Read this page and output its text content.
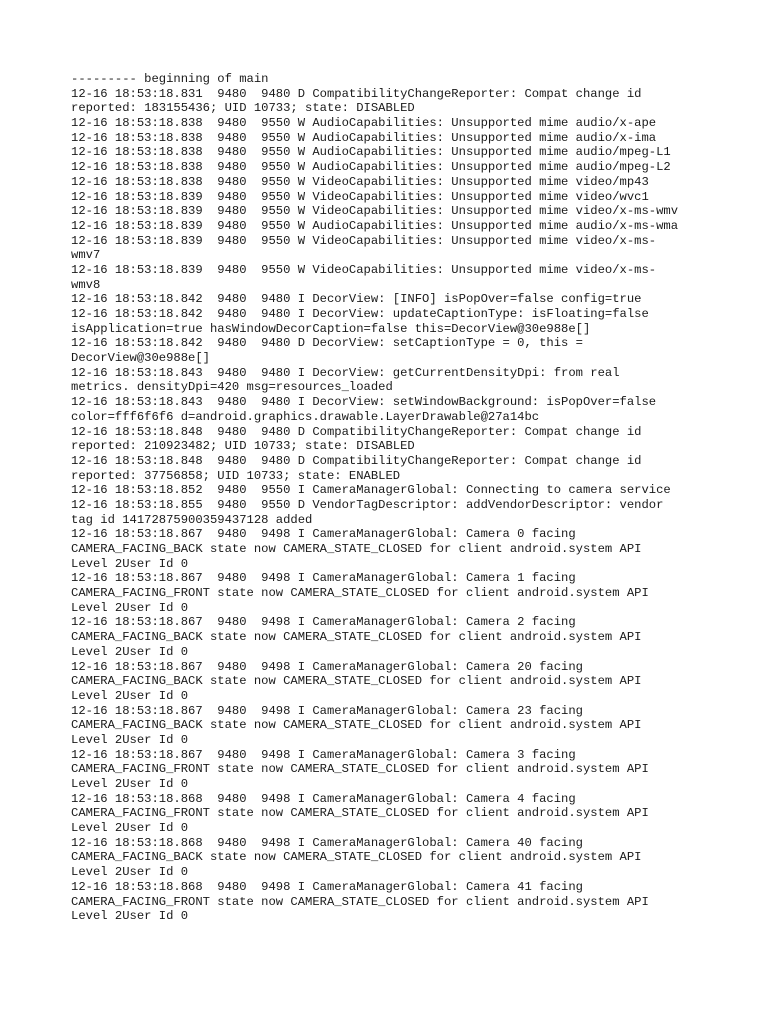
--------- beginning of main
12-16 18:53:18.831  9480  9480 D CompatibilityChangeReporter: Compat change id
reported: 183155436; UID 10733; state: DISABLED
12-16 18:53:18.838  9480  9550 W AudioCapabilities: Unsupported mime audio/x-ape
12-16 18:53:18.838  9480  9550 W AudioCapabilities: Unsupported mime audio/x-ima
12-16 18:53:18.838  9480  9550 W AudioCapabilities: Unsupported mime audio/mpeg-L1
12-16 18:53:18.838  9480  9550 W AudioCapabilities: Unsupported mime audio/mpeg-L2
12-16 18:53:18.838  9480  9550 W VideoCapabilities: Unsupported mime video/mp43
12-16 18:53:18.839  9480  9550 W VideoCapabilities: Unsupported mime video/wvc1
12-16 18:53:18.839  9480  9550 W VideoCapabilities: Unsupported mime video/x-ms-wmv
12-16 18:53:18.839  9480  9550 W AudioCapabilities: Unsupported mime audio/x-ms-wma
12-16 18:53:18.839  9480  9550 W VideoCapabilities: Unsupported mime video/x-ms-
wmv7
12-16 18:53:18.839  9480  9550 W VideoCapabilities: Unsupported mime video/x-ms-
wmv8
12-16 18:53:18.842  9480  9480 I DecorView: [INFO] isPopOver=false config=true
12-16 18:53:18.842  9480  9480 I DecorView: updateCaptionType: isFloating=false
isApplication=true hasWindowDecorCaption=false this=DecorView@30e988e[]
12-16 18:53:18.842  9480  9480 D DecorView: setCaptionType = 0, this =
DecorView@30e988e[]
12-16 18:53:18.843  9480  9480 I DecorView: getCurrentDensityDpi: from real
metrics. densityDpi=420 msg=resources_loaded
12-16 18:53:18.843  9480  9480 I DecorView: setWindowBackground: isPopOver=false
color=fff6f6f6 d=android.graphics.drawable.LayerDrawable@27a14bc
12-16 18:53:18.848  9480  9480 D CompatibilityChangeReporter: Compat change id
reported: 210923482; UID 10733; state: DISABLED
12-16 18:53:18.848  9480  9480 D CompatibilityChangeReporter: Compat change id
reported: 37756858; UID 10733; state: ENABLED
12-16 18:53:18.852  9480  9550 I CameraManagerGlobal: Connecting to camera service
12-16 18:53:18.855  9480  9550 D VendorTagDescriptor: addVendorDescriptor: vendor
tag id 14172875900359437128 added
12-16 18:53:18.867  9480  9498 I CameraManagerGlobal: Camera 0 facing
CAMERA_FACING_BACK state now CAMERA_STATE_CLOSED for client android.system API
Level 2User Id 0
12-16 18:53:18.867  9480  9498 I CameraManagerGlobal: Camera 1 facing
CAMERA_FACING_FRONT state now CAMERA_STATE_CLOSED for client android.system API
Level 2User Id 0
12-16 18:53:18.867  9480  9498 I CameraManagerGlobal: Camera 2 facing
CAMERA_FACING_BACK state now CAMERA_STATE_CLOSED for client android.system API
Level 2User Id 0
12-16 18:53:18.867  9480  9498 I CameraManagerGlobal: Camera 20 facing
CAMERA_FACING_BACK state now CAMERA_STATE_CLOSED for client android.system API
Level 2User Id 0
12-16 18:53:18.867  9480  9498 I CameraManagerGlobal: Camera 23 facing
CAMERA_FACING_BACK state now CAMERA_STATE_CLOSED for client android.system API
Level 2User Id 0
12-16 18:53:18.867  9480  9498 I CameraManagerGlobal: Camera 3 facing
CAMERA_FACING_FRONT state now CAMERA_STATE_CLOSED for client android.system API
Level 2User Id 0
12-16 18:53:18.868  9480  9498 I CameraManagerGlobal: Camera 4 facing
CAMERA_FACING_FRONT state now CAMERA_STATE_CLOSED for client android.system API
Level 2User Id 0
12-16 18:53:18.868  9480  9498 I CameraManagerGlobal: Camera 40 facing
CAMERA_FACING_BACK state now CAMERA_STATE_CLOSED for client android.system API
Level 2User Id 0
12-16 18:53:18.868  9480  9498 I CameraManagerGlobal: Camera 41 facing
CAMERA_FACING_FRONT state now CAMERA_STATE_CLOSED for client android.system API
Level 2User Id 0
